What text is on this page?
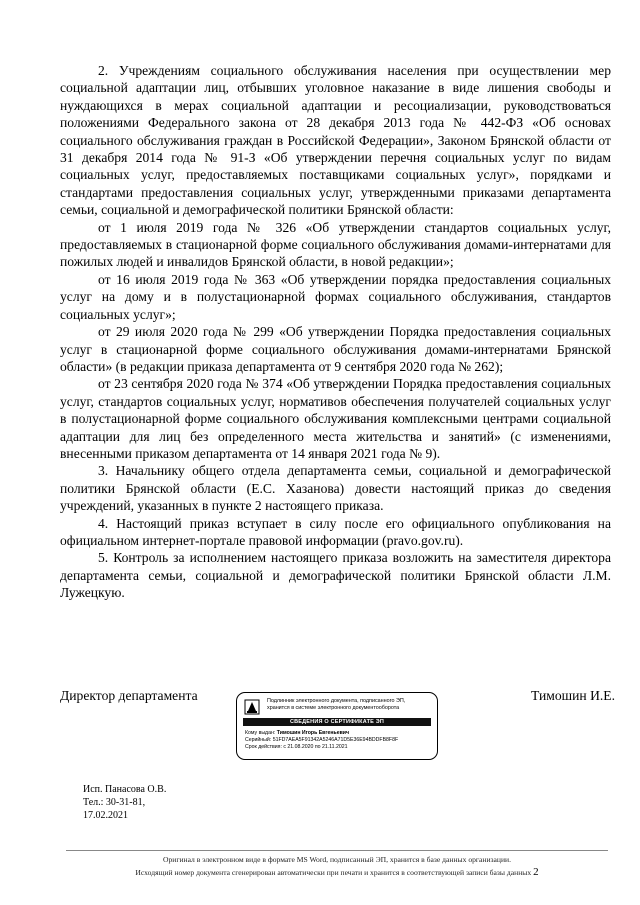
2. Учреждениям социального обслуживания населения при осуществлении мер социальной адаптации лиц, отбывших уголовное наказание в виде лишения свободы и нуждающихся в мерах социальной адаптации и ресоциализации, руководствоваться положениями Федерального закона от 28 декабря 2013 года № 442-ФЗ «Об основах социального обслуживания граждан в Российской Федерации», Законом Брянской области от 31 декабря 2014 года № 91-З «Об утверждении перечня социальных услуг по видам социальных услуг, предоставляемых поставщиками социальных услуг», порядками и стандартами предоставления социальных услуг, утвержденными приказами департамента семьи, социальной и демографической политики Брянской области:

от 1 июля 2019 года № 326 «Об утверждении стандартов социальных услуг, предоставляемых в стационарной форме социального обслуживания домами-интернатами для пожилых людей и инвалидов Брянской области, в новой редакции»;

от 16 июля 2019 года № 363 «Об утверждении порядка предоставления социальных услуг на дому и в полустационарной формах социального обслуживания, стандартов социальных услуг»;

от 29 июля 2020 года № 299 «Об утверждении Порядка предоставления социальных услуг в стационарной форме социального обслуживания домами-интернатами Брянской области» (в редакции приказа департамента от 9 сентября 2020 года № 262);

от 23 сентября 2020 года № 374 «Об утверждении Порядка предоставления социальных услуг, стандартов социальных услуг, нормативов обеспечения получателей социальных услуг в полустационарной форме социального обслуживания комплексными центрами социальной адаптации для лиц без определенного места жительства и занятий» (с изменениями, внесенными приказом департамента от 14 января 2021 года № 9).

3. Начальнику общего отдела департамента семьи, социальной и демографической политики Брянской области (Е.С. Хазанова) довести настоящий приказ до сведения учреждений, указанных в пункте 2 настоящего приказа.

4. Настоящий приказ вступает в силу после его официального опубликования на официальном интернет-портале правовой информации (pravo.gov.ru).

5. Контроль за исполнением настоящего приказа возложить на заместителя директора департамента семьи, социальной и демографической политики Брянской области Л.М. Лужецкую.

Директор департамента	Подлинник электронного документа, подписанного ЭП,
хранится в системе электронного документооборота
СВЕДЕНИЯ О СЕРТИФИКАТЕ ЭП
Кому выдан: Тимошин Игорь Евгеньевич
Серийный: 51FD7AEA5F91342A5246A71D5E36E94BDDFB8F8F
Срок действия: с 21.08.2020 по 21.11.2021
Тимошин И.Е.
Исп. Панасова О.В.
Тел.: 30-31-81,
17.02.2021
Оригинал в электронном виде в формате MS Word, подписанный ЭП, хранится в базе данных организации.
Исходящий номер документа сгенерирован автоматически при печати и хранится в соответствующей записи базы данных 2
